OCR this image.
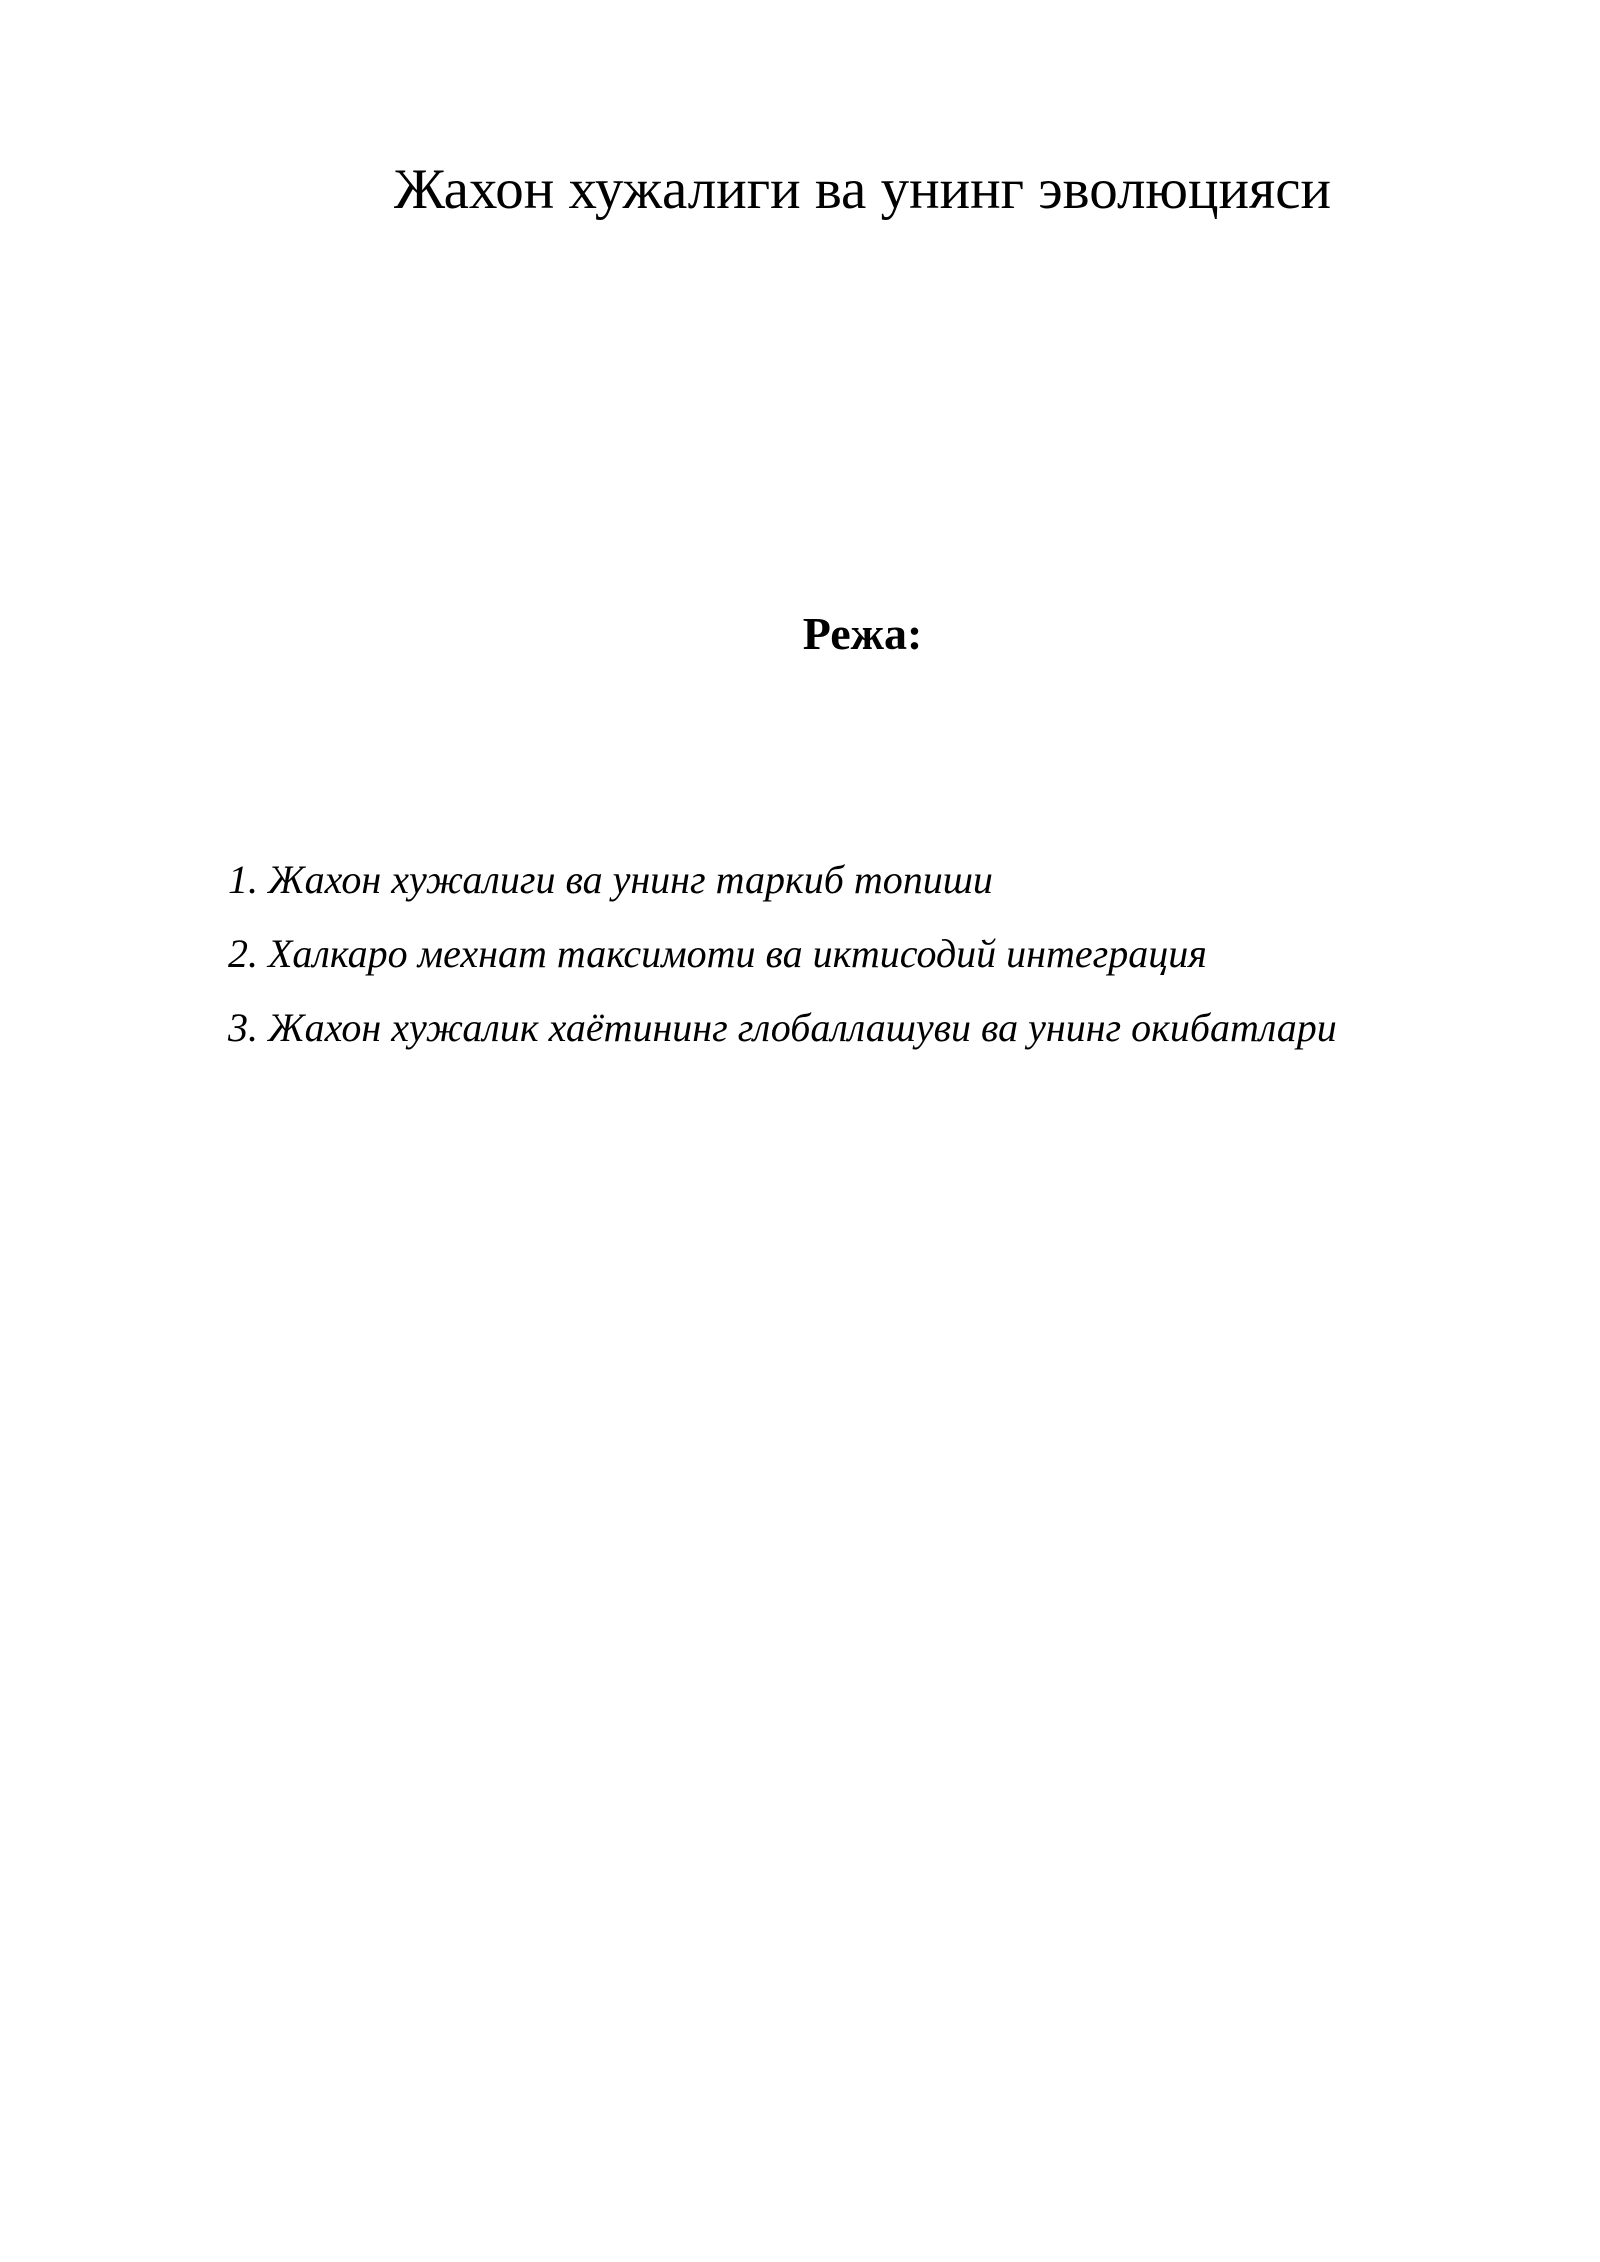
Жахон хужалиги ва унинг эволюцияси
Режа:
1. Жахон хужалиги ва унинг таркиб топиши
2. Халкаро мехнат таксимоти ва иктисодий интеграция
3. Жахон хужалик хаётининг глобаллашуви ва унинг окибатлари
